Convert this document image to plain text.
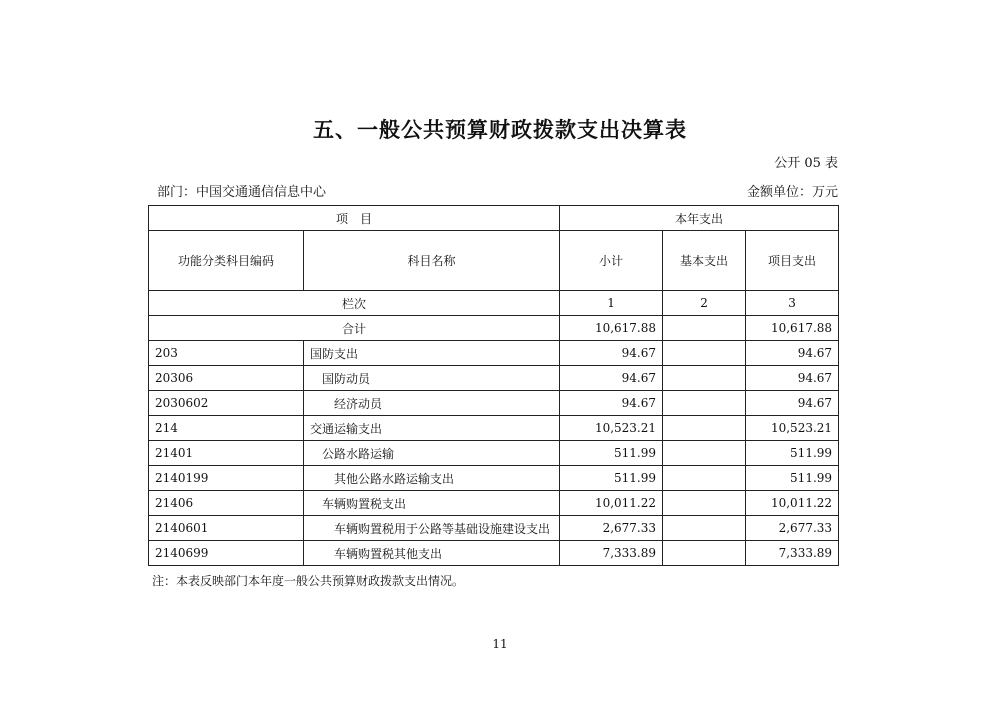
五、一般公共预算财政拨款支出决算表
公开 05 表
部门：中国交通通信信息中心	金额单位：万元
项　目		本年支出		
功能分类科目编码	科目名称	小计	基本支出	项目支出
栏次		1	2	3
合计		10,617.88		10,617.88
203	国防支出	94.67		94.67
20306	国防动员	94.67		94.67
2030602	经济动员	94.67		94.67
214	交通运输支出	10,523.21		10,523.21
21401	公路水路运输	511.99		511.99
2140199	其他公路水路运输支出	511.99		511.99
21406	车辆购置税支出	10,011.22		10,011.22
2140601	车辆购置税用于公路等基础设施建设支出	2,677.33		2,677.33
2140699	车辆购置税其他支出	7,333.89		7,333.89
注：本表反映部门本年度一般公共预算财政拨款支出情况。
11
